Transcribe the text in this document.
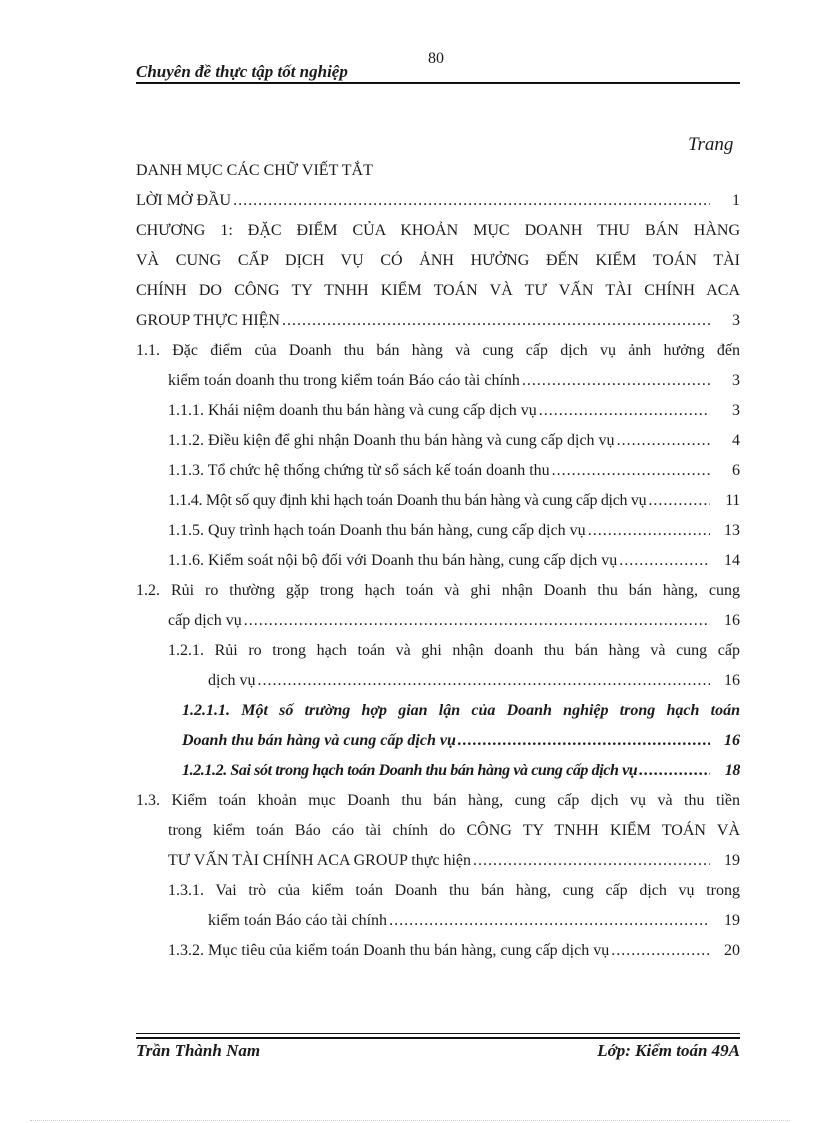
80
Chuyên đề thực tập tốt nghiệp
Trang
DANH MỤC CÁC CHỮ VIẾT TẮT
LỜI MỞ ĐẦU .....	1
CHƯƠNG 1: ĐẶC ĐIỂM CỦA KHOẢN MỤC DOANH THU BÁN HÀNG
VÀ CUNG CẤP DỊCH VỤ CÓ ẢNH HƯỞNG ĐẾN KIỂM TOÁN TÀI
CHÍNH DO CÔNG TY TNHH KIỂM TOÁN VÀ TƯ VẤN TÀI CHÍNH ACA
GROUP THỰC HIỆN .....	3
1.1. Đặc điểm của Doanh thu bán hàng và cung cấp dịch vụ ảnh hưởng đến
kiểm toán doanh thu trong kiểm toán Báo cáo tài chính .....	3
1.1.1. Khái niệm doanh thu bán hàng và cung cấp dịch vụ .....	3
1.1.2. Điều kiện để ghi nhận Doanh thu bán hàng và cung cấp dịch vụ .....	4
1.1.3. Tổ chức hệ thống chứng từ sổ sách kế toán doanh thu .....	6
1.1.4. Một số quy định khi hạch toán Doanh thu bán hàng và cung cấp dịch vụ .....	11
1.1.5. Quy trình hạch toán Doanh thu bán hàng, cung cấp dịch vụ .....	13
1.1.6. Kiểm soát nội bộ đối với Doanh thu bán hàng, cung cấp dịch vụ .....	14
1.2. Rủi ro thường gặp trong hạch toán và ghi nhận Doanh thu bán hàng, cung
cấp dịch vụ .....	16
1.2.1. Rủi ro trong hạch toán và ghi nhận doanh thu bán hàng và cung cấp
dịch vụ .....	16
1.2.1.1. Một số trường hợp gian lận của Doanh nghiệp trong hạch toán
Doanh thu bán hàng và cung cấp dịch vụ .....	16
1.2.1.2. Sai sót trong hạch toán Doanh thu bán hàng và cung cấp dịch vụ .....	18
1.3. Kiểm toán khoản mục Doanh thu bán hàng, cung cấp dịch vụ và thu tiền
trong kiểm toán Báo cáo tài chính do CÔNG TY TNHH KIỂM TOÁN VÀ
TƯ VẤN TÀI CHÍNH ACA GROUP thực hiện .....	19
1.3.1. Vai trò của kiểm toán Doanh thu bán hàng, cung cấp dịch vụ trong
kiểm toán Báo cáo tài chính .....	19
1.3.2. Mục tiêu của kiểm toán Doanh thu bán hàng, cung cấp dịch vụ .....	20
Trần Thành Nam	Lớp: Kiểm toán 49A
